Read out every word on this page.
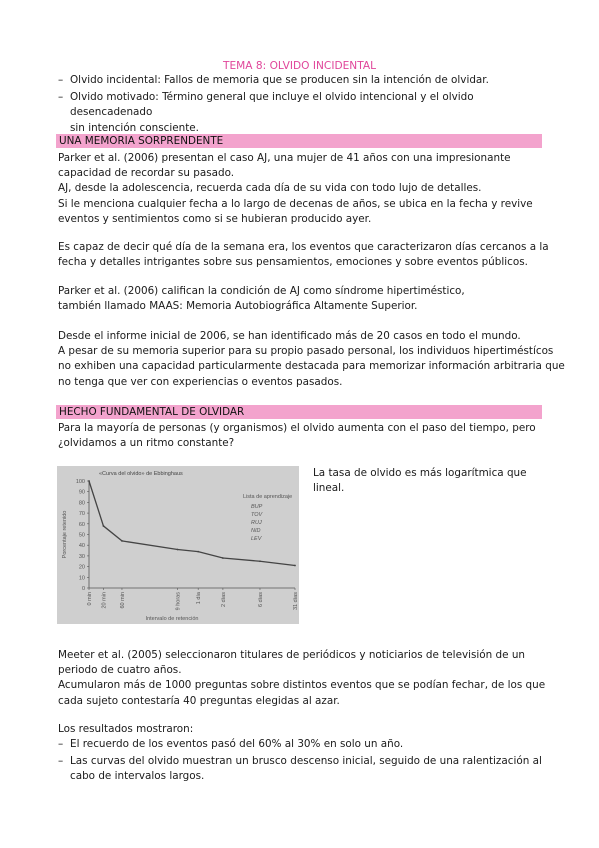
TEMA 8: OLVIDO INCIDENTAL
– Olvido incidental: Fallos de memoria que se producen sin la intención de olvidar.
– Olvido motivado: Término general que incluye el olvido intencional y el olvido desencadenado
sin intención consciente.
UNA MEMORIA SORPRENDENTE
Parker et al. (2006) presentan el caso AJ, una mujer de 41 años con una impresionante
capacidad de recordar su pasado.
AJ, desde la adolescencia, recuerda cada día de su vida con todo lujo de detalles.
Si le menciona cualquier fecha a lo largo de decenas de años, se ubica en la fecha y revive
eventos y sentimientos como si se hubieran producido ayer.
Es capaz de decir qué día de la semana era, los eventos que caracterizaron días cercanos a la
fecha y detalles intrigantes sobre sus pensamientos, emociones y sobre eventos públicos.
Parker et al. (2006) califican la condición de AJ como síndrome hipertiméstico,
también llamado MAAS: Memoria Autobiográfica Altamente Superior.
Desde el informe inicial de 2006, se han identificado más de 20 casos en todo el mundo.
A pesar de su memoria superior para su propio pasado personal, los individuos hipertiméstícos
no exhiben una capacidad particularmente destacada para memorizar información arbitraria que
no tenga que ver con experiencias o eventos pasados.
HECHO FUNDAMENTAL DE OLVIDAR
Para la mayoría de personas (y organismos) el olvido aumenta con el paso del tiempo, pero
¿olvidamos a un ritmo constante?
«Curva del olvido» de Ebbinghaus
0
10
20
30
40
50
60
70
80
90
100
Porcentaje retenido
0 min 20 min 60 min	9 horas	1 día	2 días	6 días	31 días
Intervalo de retención
Lista de aprendizaje
BUP
TOV
RUJ
NID
LEV
La tasa de olvido es más logarítmica que
lineal.
Meeter et al. (2005) seleccionaron titulares de periódicos y noticiarios de televisión de un
periodo de cuatro años.
Acumularon más de 1000 preguntas sobre distintos eventos que se podían fechar, de los que
cada sujeto contestaría 40 preguntas elegidas al azar.
Los resultados mostraron:
– El recuerdo de los eventos pasó del 60% al 30% en solo un año.
– Las curvas del olvido muestran un brusco descenso inicial, seguido de una ralentización al
cabo de intervalos largos.
